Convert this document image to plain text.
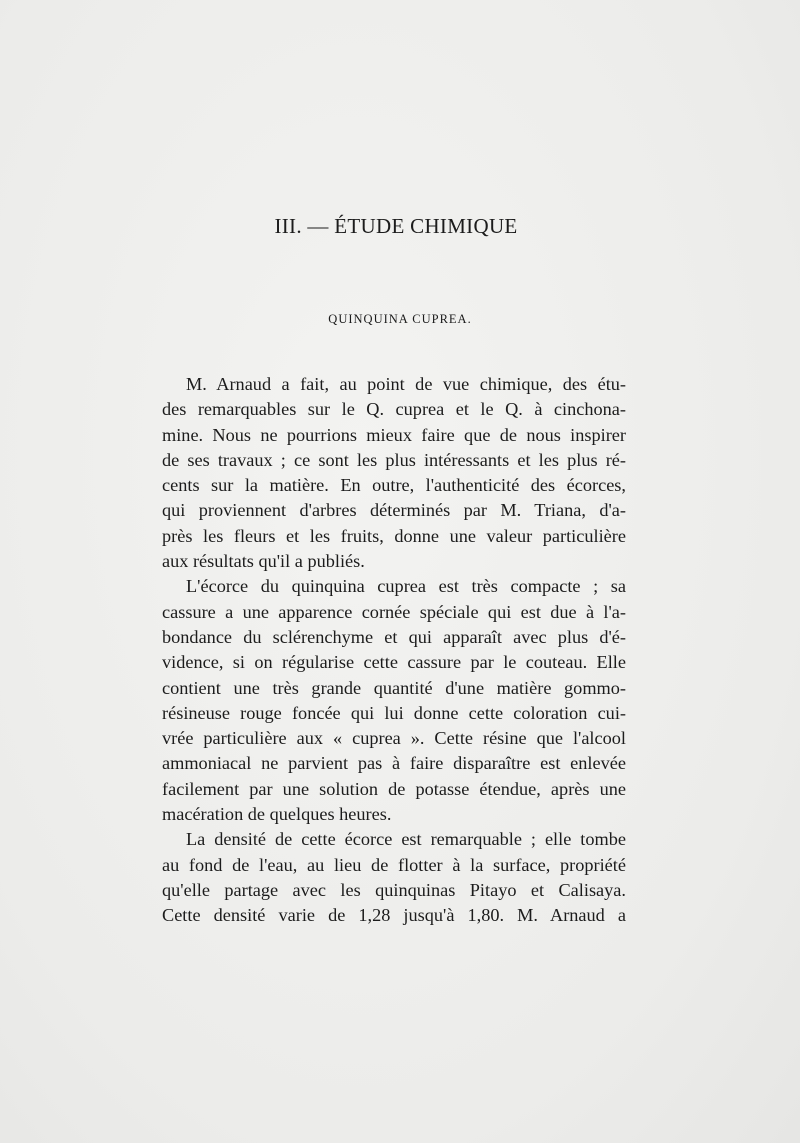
III. — ÉTUDE CHIMIQUE
QUINQUINA CUPREA.
M. Arnaud a fait, au point de vue chimique, des étu-
des remarquables sur le Q. cuprea et le Q. à cinchona-
mine. Nous ne pourrions mieux faire que de nous inspirer
de ses travaux ; ce sont les plus intéressants et les plus ré-
cents sur la matière. En outre, l'authenticité des écorces,
qui proviennent d'arbres déterminés par M. Triana, d'a-
près les fleurs et les fruits, donne une valeur particulière
aux résultats qu'il a publiés.
L'écorce du quinquina cuprea est très compacte ; sa
cassure a une apparence cornée spéciale qui est due à l'a-
bondance du sclérenchyme et qui apparaît avec plus d'é-
vidence, si on régularise cette cassure par le couteau. Elle
contient une très grande quantité d'une matière gommo-
résineuse rouge foncée qui lui donne cette coloration cui-
vrée particulière aux « cuprea ». Cette résine que l'alcool
ammoniacal ne parvient pas à faire disparaître est enlevée
facilement par une solution de potasse étendue, après une
macération de quelques heures.
La densité de cette écorce est remarquable ; elle tombe
au fond de l'eau, au lieu de flotter à la surface, propriété
qu'elle partage avec les quinquinas Pitayo et Calisaya.
Cette densité varie de 1,28 jusqu'à 1,80. M. Arnaud a
